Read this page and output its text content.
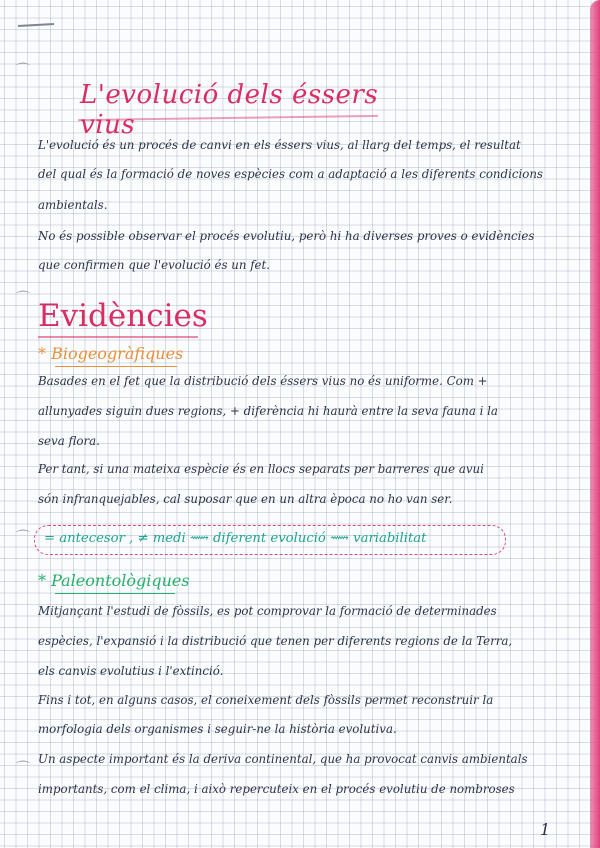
⌒
⌒
⌒
⌒
L'evolució dels éssers vius
L'evolució és un procés de canvi en els éssers vius, al llarg del temps, el resultat
del qual és la formació de noves espècies com a adaptació a les diferents condicions
ambientals.
No és possible observar el procés evolutiu, però hi ha diverses proves o evidències
que confirmen que l'evolució és un fet.
Evidències
* Biogeogràfiques
Basades en el fet que la distribució dels éssers vius no és uniforme. Com +
allunyades siguin dues regions, + diferència hi haurà entre la seva fauna i la
seva flora.
Per tant, si una mateixa espècie és en llocs separats per barreres que avui
són infranquejables, cal suposar que en un altra època no ho van ser.
= antecesor , ≠ medi ⟿ diferent evolució ⟿ variabilitat
* Paleontològiques
Mitjançant l'estudi de fòssils, es pot comprovar la formació de determinades
espècies, l'expansió i la distribució que tenen per diferents regions de la Terra,
els canvis evolutius i l'extinció.
Fins i tot, en alguns casos, el coneixement dels fòssils permet reconstruir la
morfologia dels organismes i seguir-ne la història evolutiva.
Un aspecte important és la deriva continental, que ha provocat canvis ambientals
importants, com el clima, i això repercuteix en el procés evolutiu de nombroses
1
